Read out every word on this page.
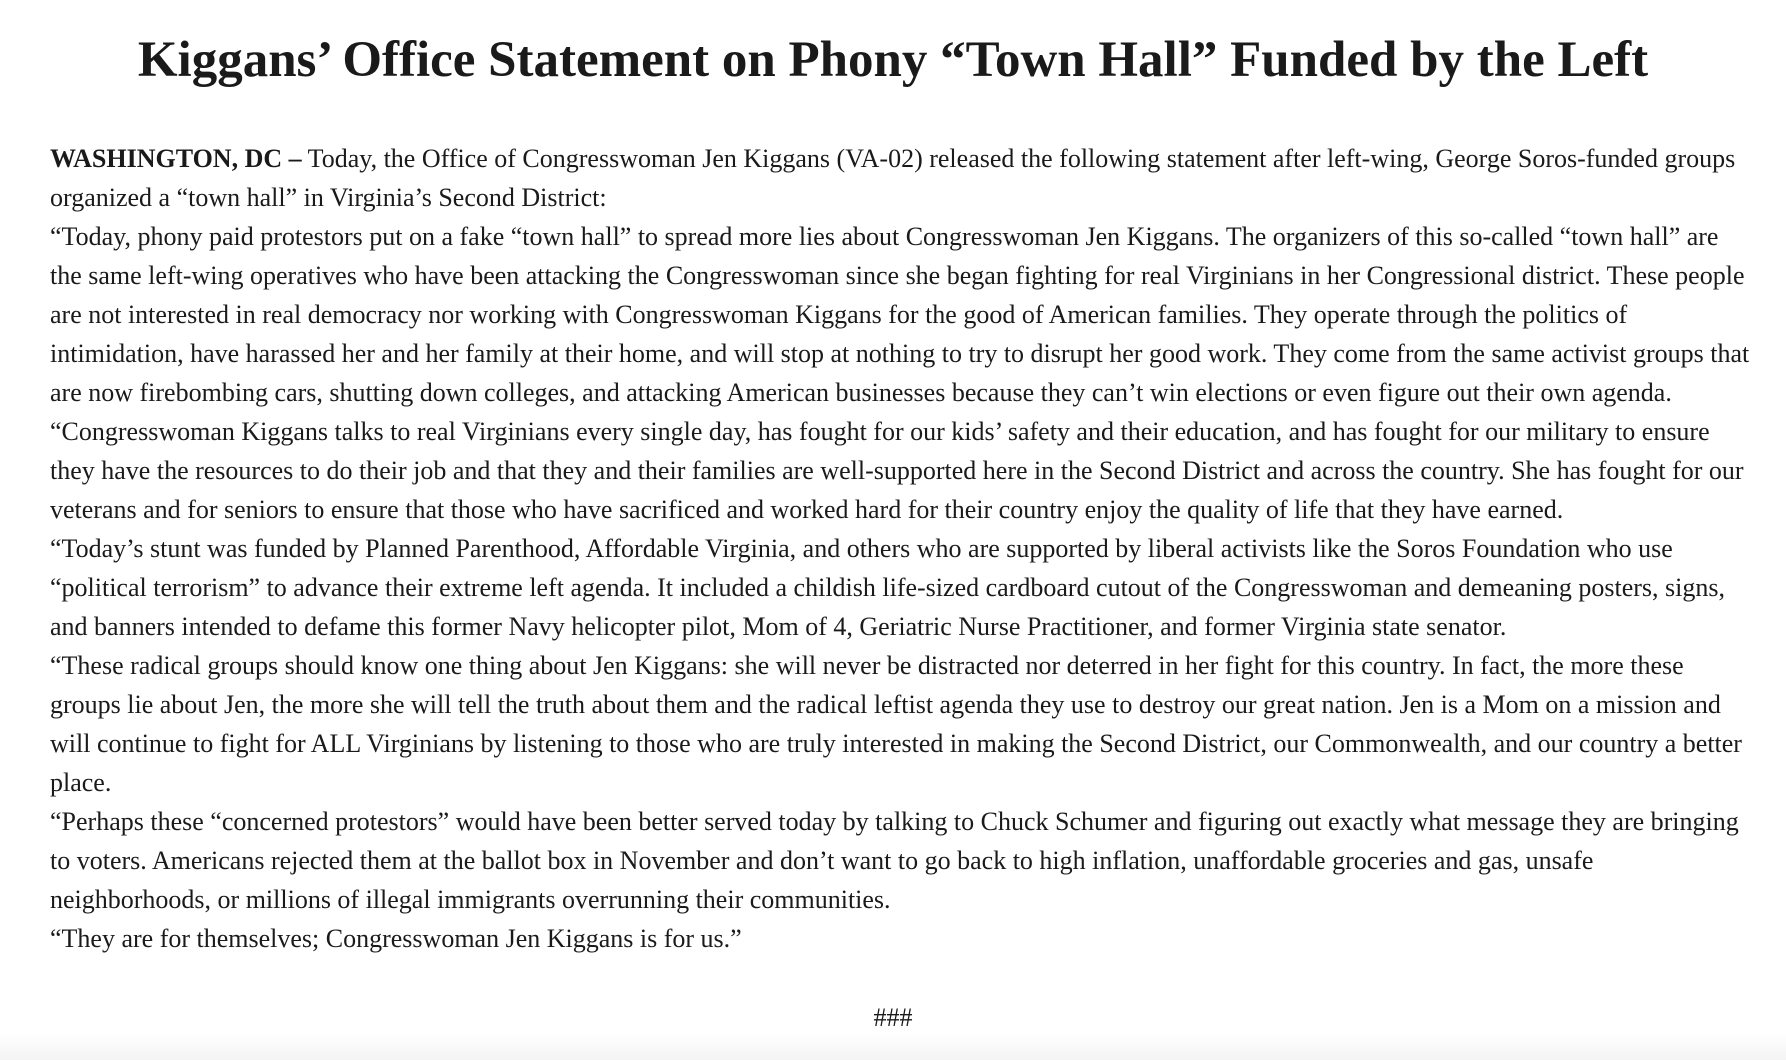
Kiggans’ Office Statement on Phony “Town Hall” Funded by the Left

WASHINGTON, DC – Today, the Office of Congresswoman Jen Kiggans (VA-02) released the following statement after left-wing, George Soros-funded groups organized a “town hall” in Virginia’s Second District:

“Today, phony paid protestors put on a fake “town hall” to spread more lies about Congresswoman Jen Kiggans. The organizers of this so-called “town hall” are the same left-wing operatives who have been attacking the Congresswoman since she began fighting for real Virginians in her Congressional district. These people are not interested in real democracy nor working with Congresswoman Kiggans for the good of American families. They operate through the politics of intimidation, have harassed her and her family at their home, and will stop at nothing to try to disrupt her good work. They come from the same activist groups that are now firebombing cars, shutting down colleges, and attacking American businesses because they can’t win elections or even figure out their own agenda.

“Congresswoman Kiggans talks to real Virginians every single day, has fought for our kids’ safety and their education, and has fought for our military to ensure they have the resources to do their job and that they and their families are well-supported here in the Second District and across the country. She has fought for our veterans and for seniors to ensure that those who have sacrificed and worked hard for their country enjoy the quality of life that they have earned.

“Today’s stunt was funded by Planned Parenthood, Affordable Virginia, and others who are supported by liberal activists like the Soros Foundation who use “political terrorism” to advance their extreme left agenda. It included a childish life-sized cardboard cutout of the Congresswoman and demeaning posters, signs, and banners intended to defame this former Navy helicopter pilot, Mom of 4, Geriatric Nurse Practitioner, and former Virginia state senator.

“These radical groups should know one thing about Jen Kiggans: she will never be distracted nor deterred in her fight for this country. In fact, the more these groups lie about Jen, the more she will tell the truth about them and the radical leftist agenda they use to destroy our great nation. Jen is a Mom on a mission and will continue to fight for ALL Virginians by listening to those who are truly interested in making the Second District, our Commonwealth, and our country a better place.

“Perhaps these “concerned protestors” would have been better served today by talking to Chuck Schumer and figuring out exactly what message they are bringing to voters. Americans rejected them at the ballot box in November and don’t want to go back to high inflation, unaffordable groceries and gas, unsafe neighborhoods, or millions of illegal immigrants overrunning their communities.

“They are for themselves; Congresswoman Jen Kiggans is for us.”

###
